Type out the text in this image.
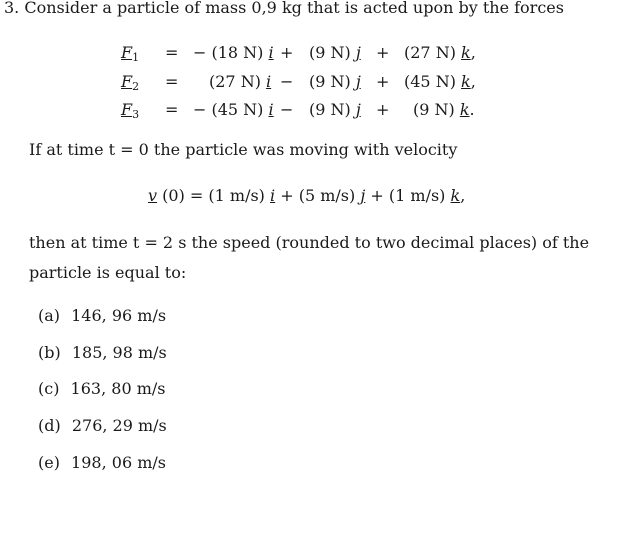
3. Consider a particle of mass 0,9 kg that is acted upon by the forces
$F_1$ = − (18 N) i + (9 N) j + (27 N) k,
$F_2 = (27$ N) i − (9 N) j + (45 N) k,
$F_3$ = − (45 N) i − (9 N) j + (9 N) k.
If at time t = 0 the particle was moving with velocity
v (0) = (1 m/s) i + (5 m/s) j + (1 m/s) k,
then at time t = 2 s the speed (rounded to two decimal places) of the
particle is equal to:
(a) 146, 96 m/s
(b) 185, 98 m/s
(c) 163, 80 m/s
(d) 276, 29 m/s
(e) 198, 06 m/s
